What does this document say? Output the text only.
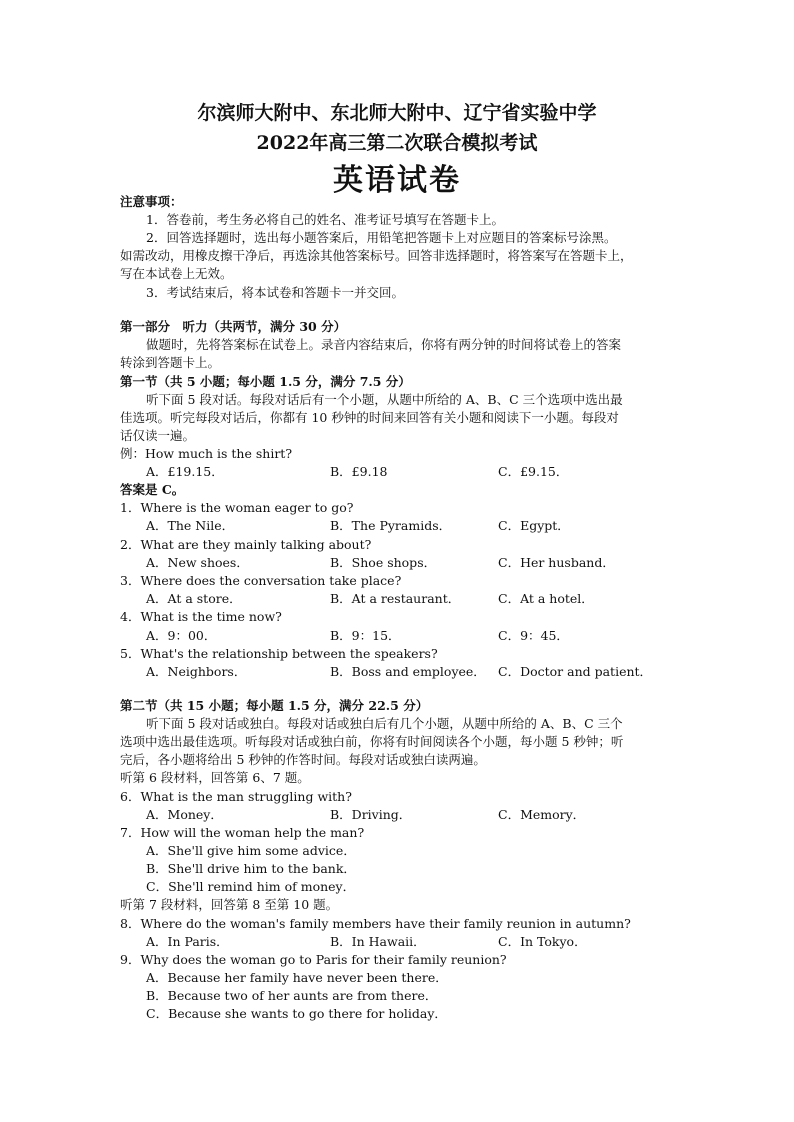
尔滨师大附中、东北师大附中、辽宁省实验中学
2022年高三第二次联合模拟考试
英语试卷
注意事项：
1．答卷前，考生务必将自己的姓名、准考证号填写在答题卡上。
2．回答选择题时，选出每小题答案后，用铅笔把答题卡上对应题目的答案标号涂黑。
如需改动，用橡皮擦干净后，再选涂其他答案标号。回答非选择题时，将答案写在答题卡上，
写在本试卷上无效。
3．考试结束后，将本试卷和答题卡一并交回。
第一部分　听力（共两节，满分 30 分）
做题时，先将答案标在试卷上。录音内容结束后，你将有两分钟的时间将试卷上的答案
转涂到答题卡上。
第一节（共 5 小题；每小题 1.5 分，满分 7.5 分）
听下面 5 段对话。每段对话后有一个小题，从题中所给的 A、B、C 三个选项中选出最
佳选项。听完每段对话后，你都有 10 秒钟的时间来回答有关小题和阅读下一小题。每段对
话仅读一遍。
例：How much is the shirt?
A．£19.15．	B．£9.18	C．£9.15．
答案是 C。
1．Where is the woman eager to go?
A．The Nile．	B．The Pyramids．	C．Egypt．
2．What are they mainly talking about?
A．New shoes．	B．Shoe shops．	C．Her husband．
3．Where does the conversation take place?
A．At a store．	B．At a restaurant．	C．At a hotel．
4．What is the time now?
A．9：00．	B．9：15．	C．9：45．
5．What's the relationship between the speakers?
A．Neighbors．	B．Boss and employee． C．Doctor and patient．
第二节（共 15 小题；每小题 1.5 分，满分 22.5 分）
听下面 5 段对话或独白。每段对话或独白后有几个小题，从题中所给的 A、B、C 三个
选项中选出最佳选项。听每段对话或独白前，你将有时间阅读各个小题，每小题 5 秒钟；听
完后，各小题将给出 5 秒钟的作答时间。每段对话或独白读两遍。
听第 6 段材料，回答第 6、7 题。
6．What is the man struggling with?
A．Money．	B．Driving．	C．Memory．
7．How will the woman help the man?
A．She'll give him some advice．
B．She'll drive him to the bank．
C．She'll remind him of money．
听第 7 段材料，回答第 8 至第 10 题。
8．Where do the woman's family members have their family reunion in autumn?
A．In Paris．	B．In Hawaii．	C．In Tokyo．
9．Why does the woman go to Paris for their family reunion?
A．Because her family have never been there．
B．Because two of her aunts are from there．
C．Because she wants to go there for holiday．
